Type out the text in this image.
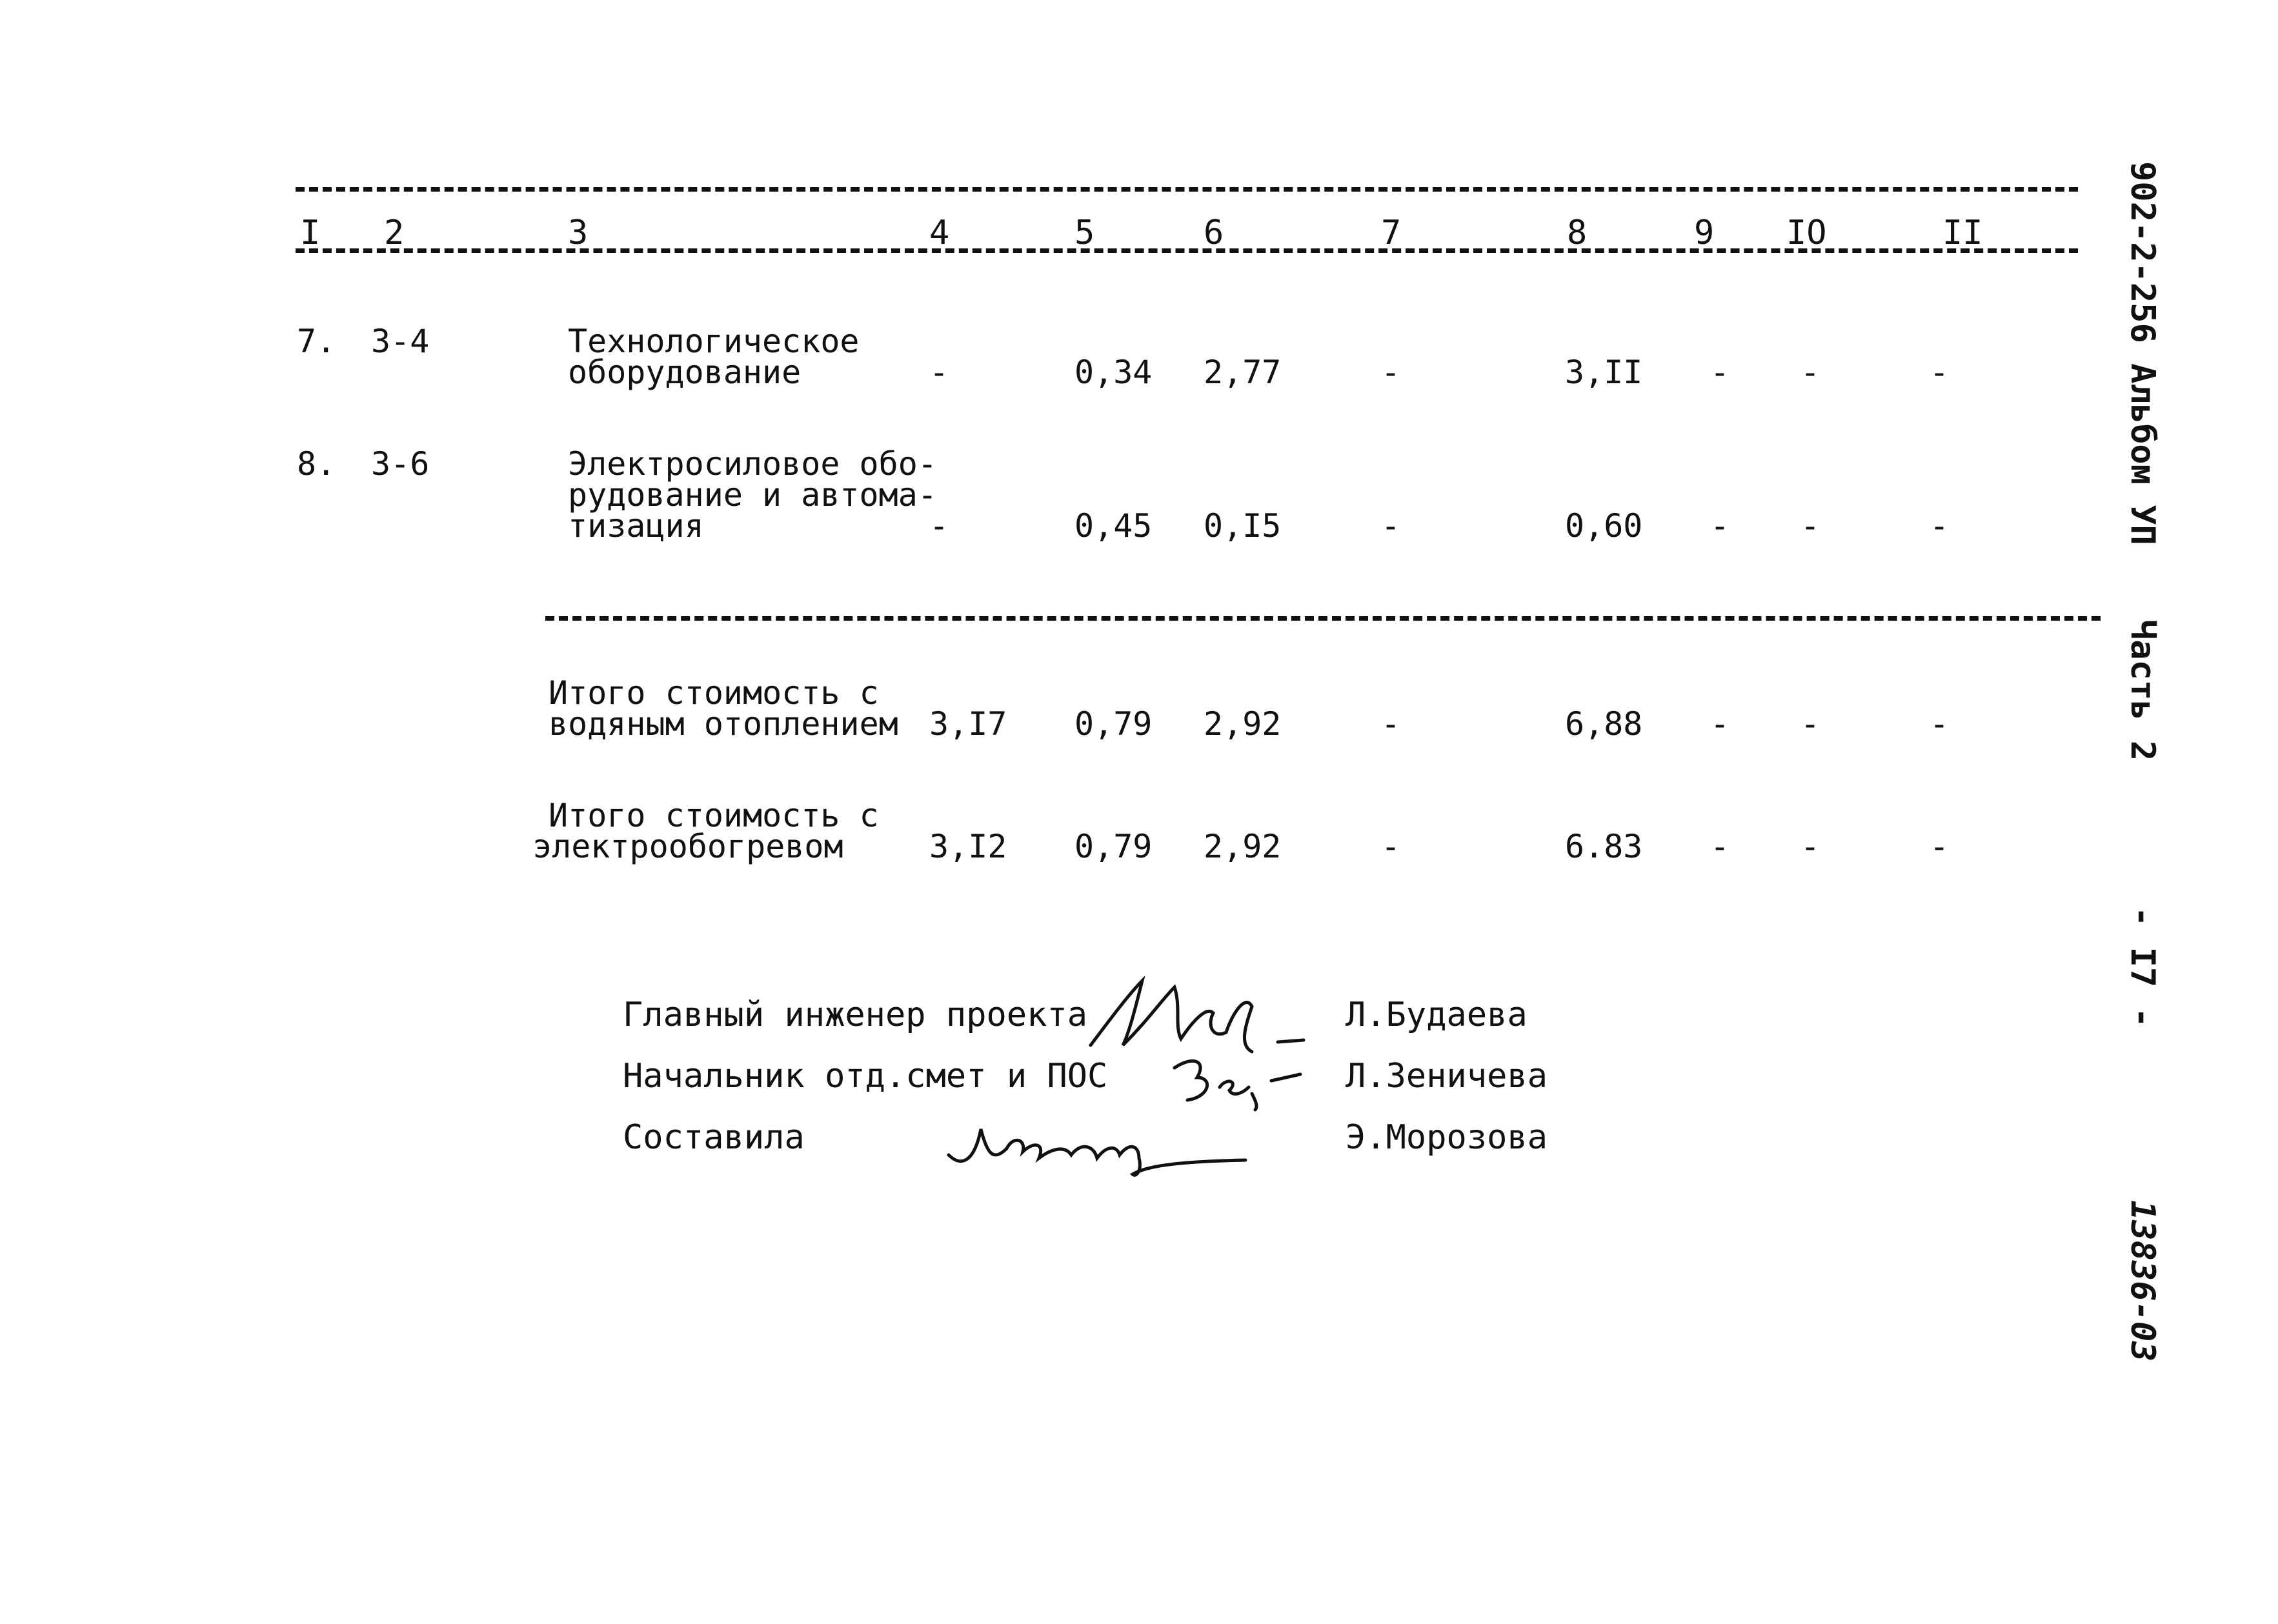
I 2	3	4	5	6	7	8	9 IO	II
7. 3-4	Технологическое
оборудование	-	0,34 2,77	-	3,II - -	-
8. 3-6	Электросиловое обо-
рудование и автома-
тизация	-	0,45 0,I5	-	0,60 - -	-
Итого стоимость с
водяным отоплением 3,I7 0,79 2,92	-	6,88 - -	-
Итого стоимость с
электрообогревом	3,I2 0,79 2,92	-	6.83 - -	-
Главный инженер проекта	Л.Будаева
Начальник отд.смет и ПОС	Л.Зеничева
Составила	Э.Морозова
902-2-256 Альбом УП
Часть 2
- I7 -
13836-03
